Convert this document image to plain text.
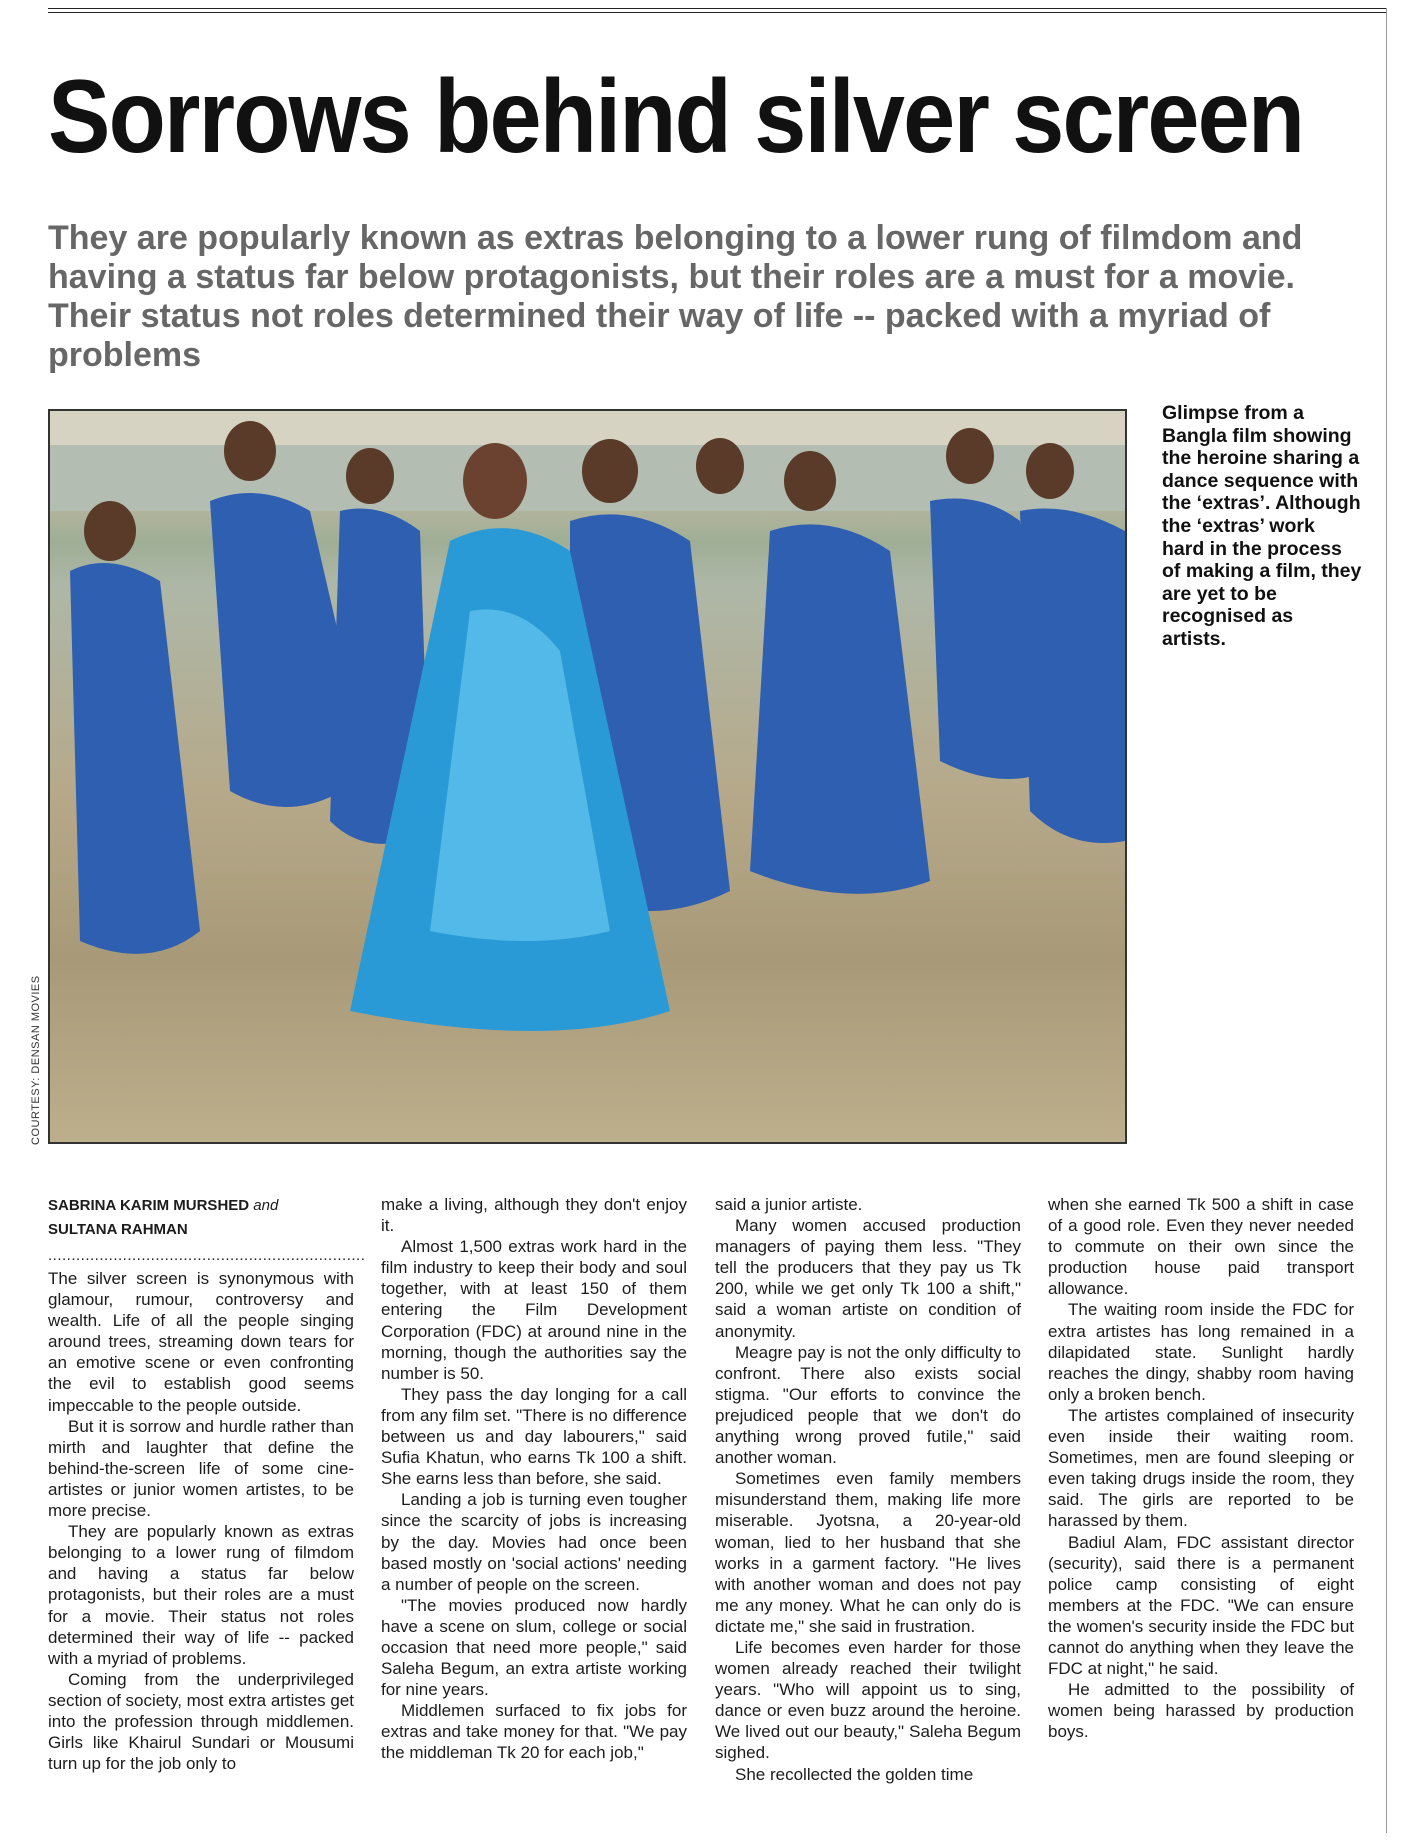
Sorrows behind silver screen

They are popularly known as extras belonging to a lower rung of filmdom and having a status far below protagonists, but their roles are a must for a movie. Their status not roles determined their way of life -- packed with a myriad of problems

COURTESY: DENSAN MOVIES

Glimpse from a Bangla film showing the heroine sharing a dance sequence with the ‘extras’. Although the ‘extras’ work hard in the process of making a film, they are yet to be recognised as artists.

SABRINA KARIM MURSHED and
SULTANA RAHMAN
....................................................................

The silver screen is synonymous with glamour, rumour, controversy and wealth. Life of all the people singing around trees, streaming down tears for an emotive scene or even confronting the evil to establish good seems impeccable to the people outside.

But it is sorrow and hurdle rather than mirth and laughter that define the behind-the-screen life of some cine-artistes or junior women artistes, to be more precise.

They are popularly known as extras belonging to a lower rung of filmdom and having a status far below protagonists, but their roles are a must for a movie. Their status not roles determined their way of life -- packed with a myriad of problems.

Coming from the underprivileged section of society, most extra artistes get into the profession through middlemen. Girls like Khairul Sundari or Mousumi turn up for the job only to

make a living, although they don't enjoy it.

Almost 1,500 extras work hard in the film industry to keep their body and soul together, with at least 150 of them entering the Film Development Corporation (FDC) at around nine in the morning, though the authorities say the number is 50.

They pass the day longing for a call from any film set. "There is no difference between us and day labourers," said Sufia Khatun, who earns Tk 100 a shift. She earns less than before, she said.

Landing a job is turning even tougher since the scarcity of jobs is increasing by the day. Movies had once been based mostly on 'social actions' needing a number of people on the screen.

"The movies produced now hardly have a scene on slum, college or social occasion that need more people," said Saleha Begum, an extra artiste working for nine years.

Middlemen surfaced to fix jobs for extras and take money for that. "We pay the middleman Tk 20 for each job,"

said a junior artiste.

Many women accused production managers of paying them less. "They tell the producers that they pay us Tk 200, while we get only Tk 100 a shift," said a woman artiste on condition of anonymity.

Meagre pay is not the only difficulty to confront. There also exists social stigma. "Our efforts to convince the prejudiced people that we don't do anything wrong proved futile," said another woman.

Sometimes even family members misunderstand them, making life more miserable. Jyotsna, a 20-year-old woman, lied to her husband that she works in a garment factory. "He lives with another woman and does not pay me any money. What he can only do is dictate me," she said in frustration.

Life becomes even harder for those women already reached their twilight years. "Who will appoint us to sing, dance or even buzz around the heroine. We lived out our beauty," Saleha Begum sighed.

She recollected the golden time

when she earned Tk 500 a shift in case of a good role. Even they never needed to commute on their own since the production house paid transport allowance.

The waiting room inside the FDC for extra artistes has long remained in a dilapidated state. Sunlight hardly reaches the dingy, shabby room having only a broken bench.

The artistes complained of insecurity even inside their waiting room. Sometimes, men are found sleeping or even taking drugs inside the room, they said. The girls are reported to be harassed by them.

Badiul Alam, FDC assistant director (security), said there is a permanent police camp consisting of eight members at the FDC. "We can ensure the women's security inside the FDC but cannot do anything when they leave the FDC at night," he said.

He admitted to the possibility of women being harassed by production boys.
